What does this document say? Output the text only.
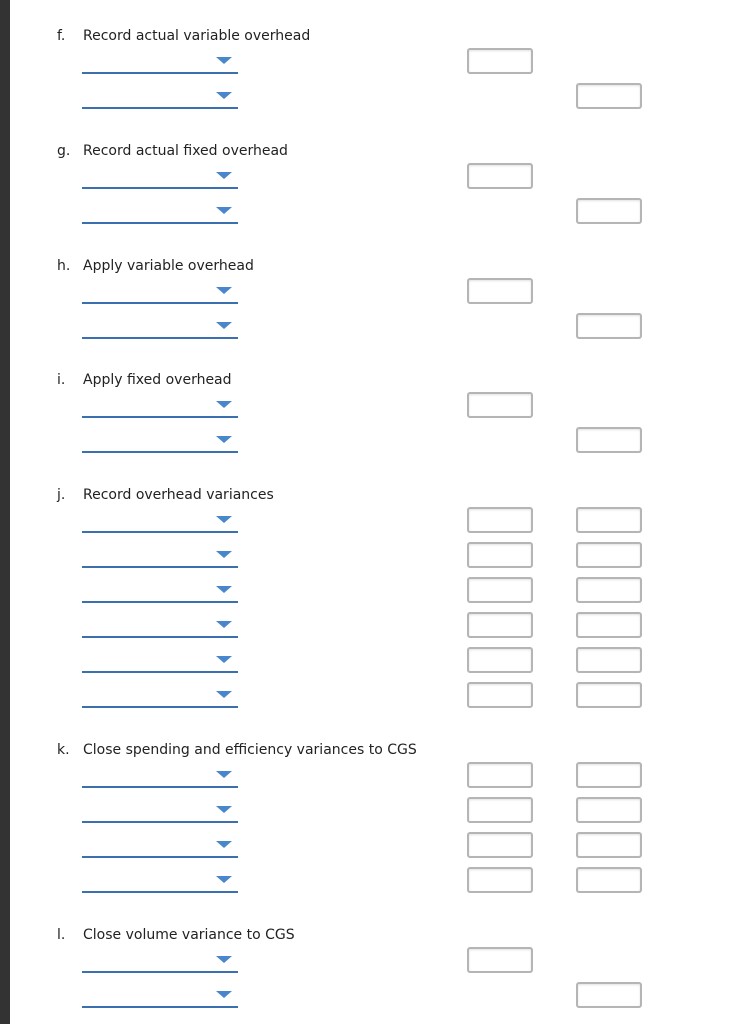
f. Record actual variable overhead
g. Record actual fixed overhead
h. Apply variable overhead
i. Apply fixed overhead
j. Record overhead variances
k. Close spending and efficiency variances to CGS
l. Close volume variance to CGS
